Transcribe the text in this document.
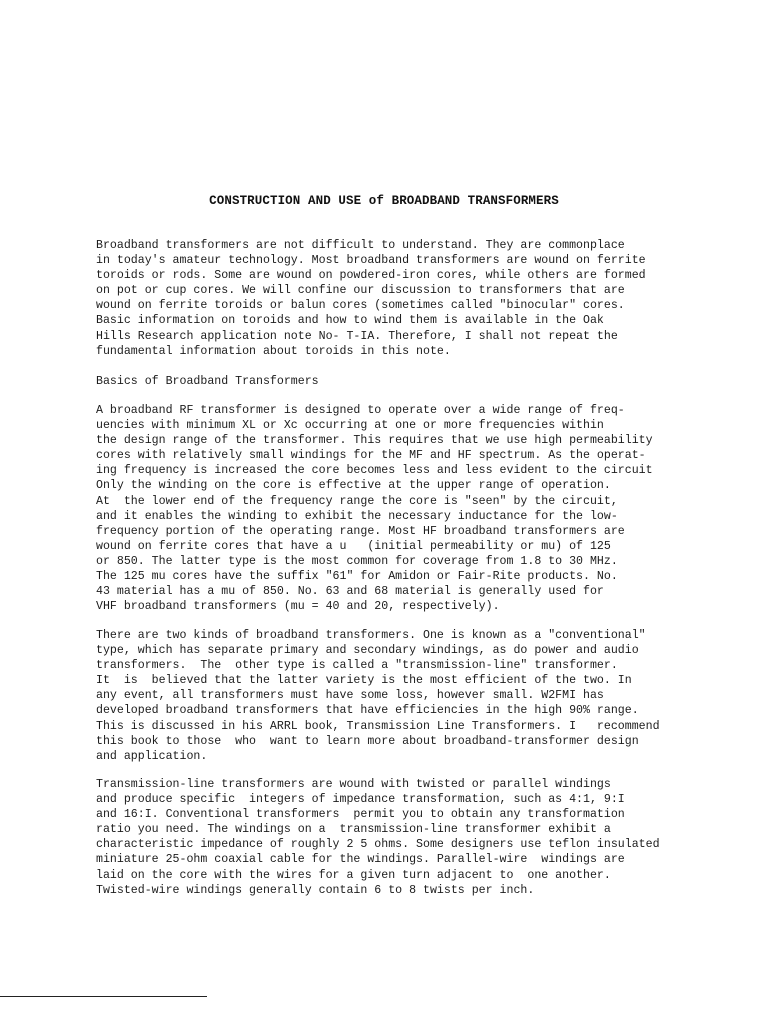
CONSTRUCTION AND USE of BROADBAND TRANSFORMERS
Broadband transformers are not difficult to understand. They are commonplace
in today's amateur technology. Most broadband transformers are wound on ferrite
toroids or rods. Some are wound on powdered-iron cores, while others are formed
on pot or cup cores. We will confine our discussion to transformers that are
wound on ferrite toroids or balun cores (sometimes called "binocular" cores.
Basic information on toroids and how to wind them is available in the Oak
Hills Research application note No- T-IA. Therefore, I shall not repeat the
fundamental information about toroids in this note.
Basics of Broadband Transformers
A broadband RF transformer is designed to operate over a wide range of freq-
uencies with minimum XL or Xc occurring at one or more frequencies within
the design range of the transformer. This requires that we use high permeability
cores with relatively small windings for the MF and HF spectrum. As the operat-
ing frequency is increased the core becomes less and less evident to the circuit
Only the winding on the core is effective at the upper range of operation.
At  the lower end of the frequency range the core is "seen" by the circuit,
and it enables the winding to exhibit the necessary inductance for the low-
frequency portion of the operating range. Most HF broadband transformers are
wound on ferrite cores that have a u   (initial permeability or mu) of 125
or 850. The latter type is the most common for coverage from 1.8 to 30 MHz.
The 125 mu cores have the suffix "61" for Amidon or Fair-Rite products. No.
43 material has a mu of 850. No. 63 and 68 material is generally used for
VHF broadband transformers (mu = 40 and 20, respectively).
There are two kinds of broadband transformers. One is known as a "conventional"
type, which has separate primary and secondary windings, as do power and audio
transformers.  The  other type is called a "transmission-line" transformer.
It  is  believed that the latter variety is the most efficient of the two. In
any event, all transformers must have some loss, however small. W2FMI has
developed broadband transformers that have efficiencies in the high 90% range.
This is discussed in his ARRL book, Transmission Line Transformers. I   recommend
this book to those  who  want to learn more about broadband-transformer design
and application.
Transmission-line transformers are wound with twisted or parallel windings
and produce specific  integers of impedance transformation, such as 4:1, 9:I
and 16:I. Conventional transformers  permit you to obtain any transformation
ratio you need. The windings on a  transmission-line transformer exhibit a
characteristic impedance of roughly 2 5 ohms. Some designers use teflon insulated
miniature 25-ohm coaxial cable for the windings. Parallel-wire  windings are
laid on the core with the wires for a given turn adjacent to  one another.
Twisted-wire windings generally contain 6 to 8 twists per inch.
